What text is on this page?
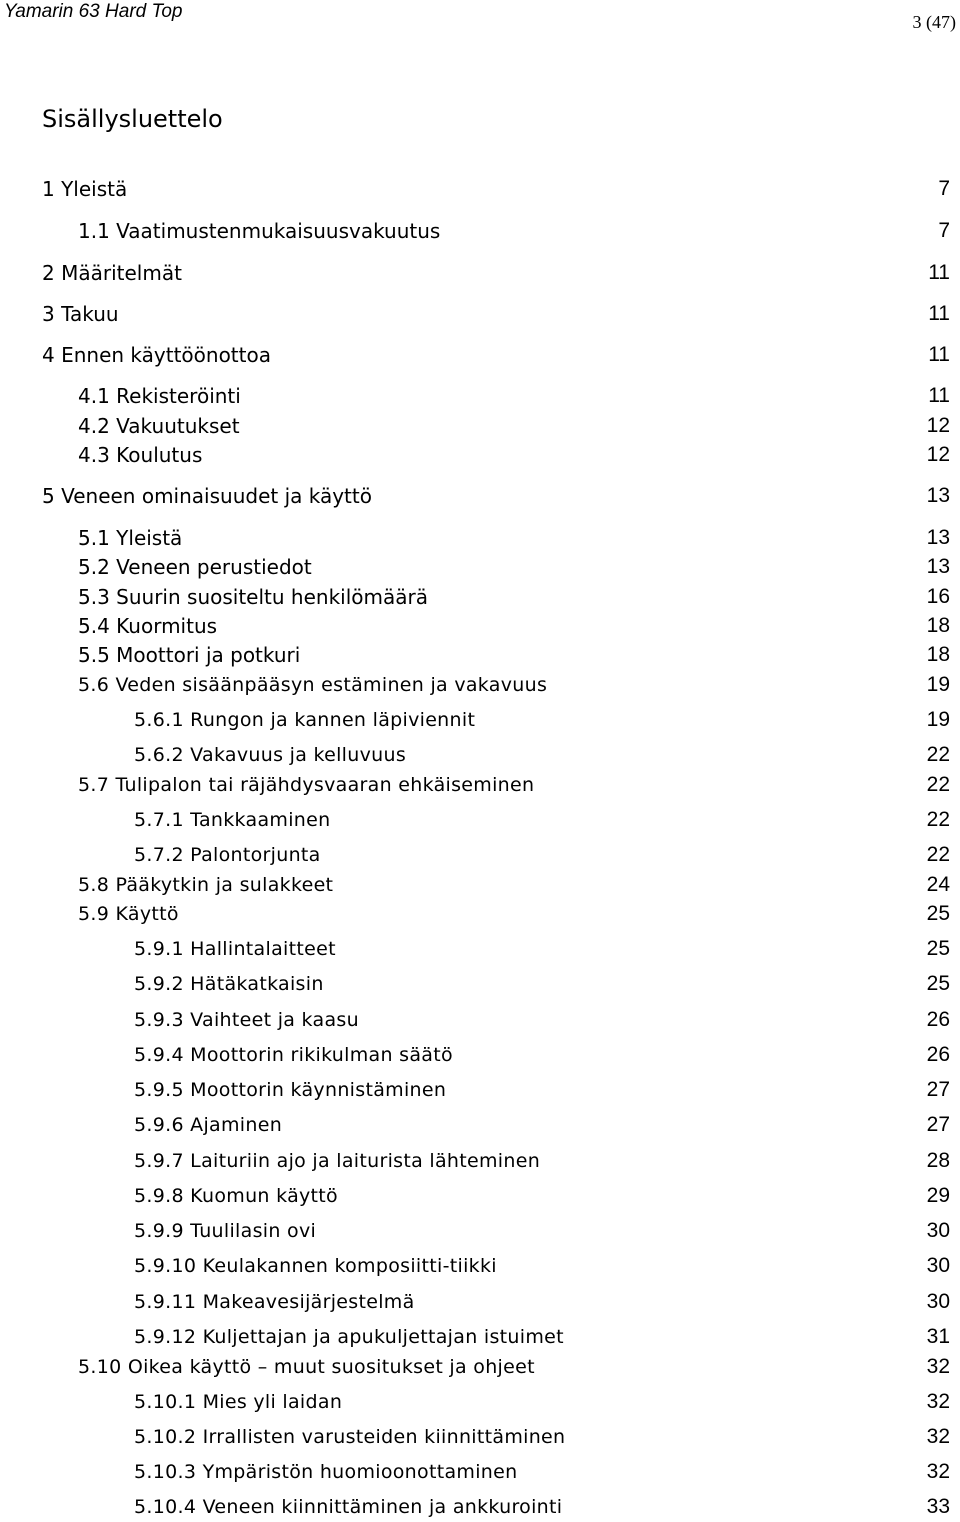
Yamarin 63 Hard Top	3 (47)
Sisällysluettelo
1 Yleistä	7
1.1 Vaatimustenmukaisuusvakuutus	7
2 Määritelmät	11
3 Takuu	11
4 Ennen käyttöönottoa	11
4.1 Rekisteröinti	11
4.2 Vakuutukset	12
4.3 Koulutus	12
5 Veneen ominaisuudet ja käyttö	13
5.1 Yleistä	13
5.2 Veneen perustiedot	13
5.3 Suurin suositeltu henkilömäärä	16
5.4 Kuormitus	18
5.5 Moottori ja potkuri	18
5.6 Veden sisäänpääsyn estäminen ja vakavuus	19
5.6.1 Rungon ja kannen läpiviennit	19
5.6.2 Vakavuus ja kelluvuus	22
5.7 Tulipalon tai räjähdysvaaran ehkäiseminen	22
5.7.1 Tankkaaminen	22
5.7.2 Palontorjunta	22
5.8 Pääkytkin ja sulakkeet	24
5.9 Käyttö	25
5.9.1 Hallintalaitteet	25
5.9.2 Hätäkatkaisin	25
5.9.3 Vaihteet ja kaasu	26
5.9.4 Moottorin rikikulman säätö	26
5.9.5 Moottorin käynnistäminen	27
5.9.6 Ajaminen	27
5.9.7 Laituriin ajo ja laiturista lähteminen	28
5.9.8 Kuomun käyttö	29
5.9.9 Tuulilasin ovi	30
5.9.10 Keulakannen komposiitti-tiikki	30
5.9.11 Makeavesijärjestelmä	30
5.9.12 Kuljettajan ja apukuljettajan istuimet	31
5.10 Oikea käyttö – muut suositukset ja ohjeet	32
5.10.1 Mies yli laidan	32
5.10.2 Irrallisten varusteiden kiinnittäminen	32
5.10.3 Ympäristön huomioonottaminen	32
5.10.4 Veneen kiinnittäminen ja ankkurointi	33
